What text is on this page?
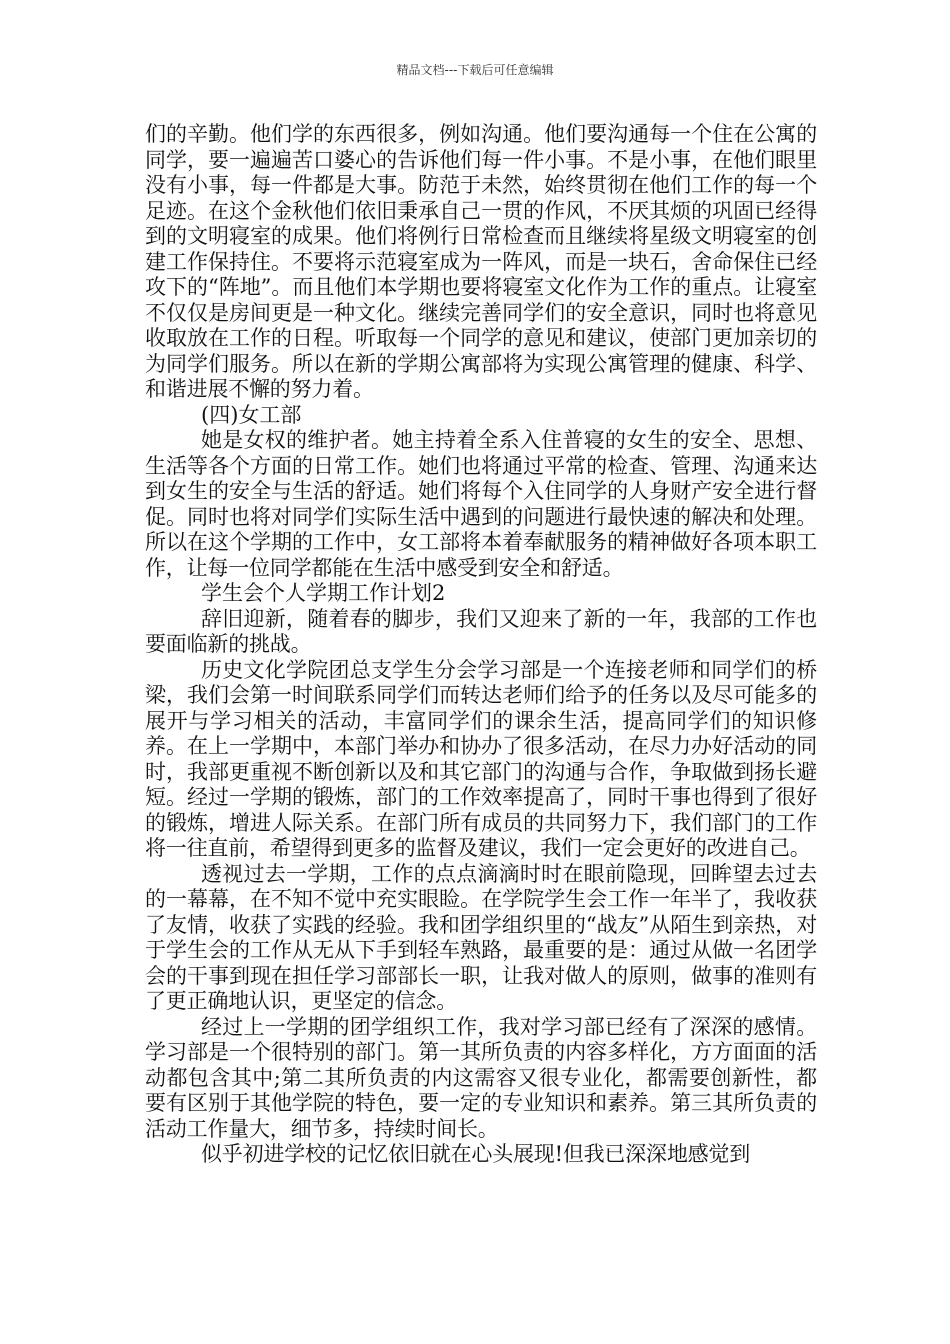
精品文档---下载后可任意编辑

们的辛勤。他们学的东西很多，例如沟通。他们要沟通每一个住在公寓的同学，要一遍遍苦口婆心的告诉他们每一件小事。不是小事，在他们眼里没有小事，每一件都是大事。防范于未然，始终贯彻在他们工作的每一个足迹。在这个金秋他们依旧秉承自己一贯的作风，不厌其烦的巩固已经得到的文明寝室的成果。他们将例行日常检查而且继续将星级文明寝室的创建工作保持住。不要将示范寝室成为一阵风，而是一块石，舍命保住已经攻下的“阵地”。而且他们本学期也要将寝室文化作为工作的重点。让寝室不仅仅是房间更是一种文化。继续完善同学们的安全意识，同时也将意见收取放在工作的日程。听取每一个同学的意见和建议，使部门更加亲切的为同学们服务。所以在新的学期公寓部将为实现公寓管理的健康、科学、和谐进展不懈的努力着。

(四)女工部

她是女权的维护者。她主持着全系入住普寝的女生的安全、思想、生活等各个方面的日常工作。她们也将通过平常的检查、管理、沟通来达到女生的安全与生活的舒适。她们将每个入住同学的人身财产安全进行督促。同时也将对同学们实际生活中遇到的问题进行最快速的解决和处理。所以在这个学期的工作中，女工部将本着奉献服务的精神做好各项本职工作，让每一位同学都能在生活中感受到安全和舒适。

学生会个人学期工作计划2

辞旧迎新，随着春的脚步，我们又迎来了新的一年，我部的工作也要面临新的挑战。

历史文化学院团总支学生分会学习部是一个连接老师和同学们的桥梁，我们会第一时间联系同学们而转达老师们给予的任务以及尽可能多的展开与学习相关的活动，丰富同学们的课余生活，提高同学们的知识修养。在上一学期中，本部门举办和协办了很多活动，在尽力办好活动的同时，我部更重视不断创新以及和其它部门的沟通与合作，争取做到扬长避短。经过一学期的锻炼，部门的工作效率提高了，同时干事也得到了很好的锻炼，增进人际关系。在部门所有成员的共同努力下，我们部门的工作将一往直前，希望得到更多的监督及建议，我们一定会更好的改进自己。

透视过去一学期，工作的点点滴滴时时在眼前隐现，回眸望去过去的一幕幕，在不知不觉中充实眼睑。在学院学生会工作一年半了，我收获了友情，收获了实践的经验。我和团学组织里的“战友”从陌生到亲热，对于学生会的工作从无从下手到轻车熟路，最重要的是：通过从做一名团学会的干事到现在担任学习部部长一职，让我对做人的原则，做事的准则有了更正确地认识，更坚定的信念。

经过上一学期的团学组织工作，我对学习部已经有了深深的感情。学习部是一个很特别的部门。第一其所负责的内容多样化，方方面面的活动都包含其中;第二其所负责的内这需容又很专业化，都需要创新性，都要有区别于其他学院的特色，要一定的专业知识和素养。第三其所负责的活动工作量大，细节多，持续时间长。

似乎初进学校的记忆依旧就在心头展现!但我已深深地感觉到
